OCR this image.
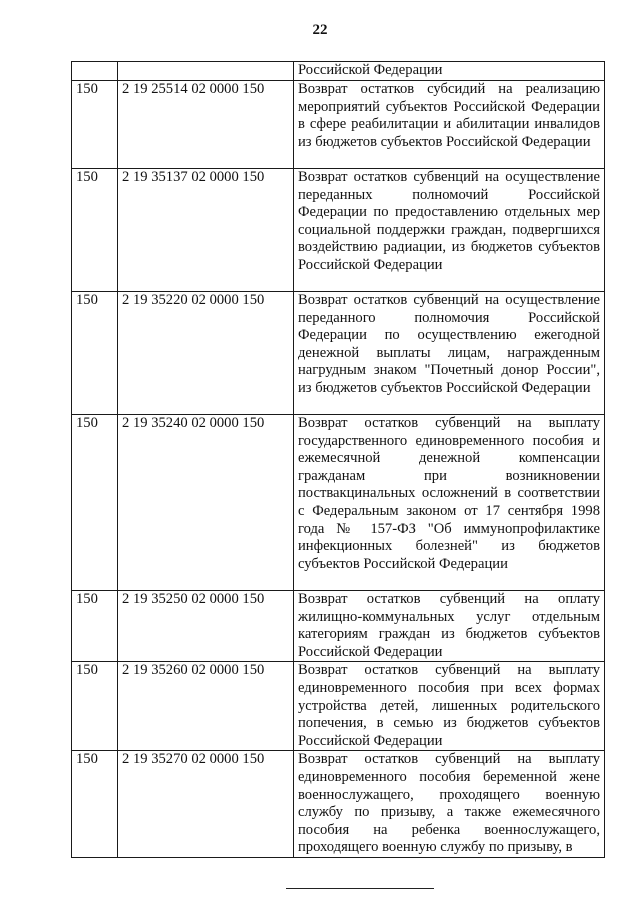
22
		Российской Федерации
150	2 19 25514 02 0000 150	Возврат остатков субсидий на реализацию мероприятий субъектов Российской Федерации в сфере реабилитации и абилитации инвалидов из бюджетов субъектов Российской Федерации
150	2 19 35137 02 0000 150	Возврат остатков субвенций на осуществление переданных полномочий Российской Федерации по предоставлению отдельных мер социальной поддержки граждан, подвергшихся воздействию радиации, из бюджетов субъектов Российской Федерации
150	2 19 35220 02 0000 150	Возврат остатков субвенций на осуществление переданного полномочия Российской Федерации по осуществлению ежегодной денежной выплаты лицам, награжденным нагрудным знаком "Почетный донор России", из бюджетов субъектов Российской Федерации
150	2 19 35240 02 0000 150	Возврат остатков субвенций на выплату государственного единовременного пособия и ежемесячной денежной компенсации гражданам при возникновении поствакцинальных осложнений в соответствии с Федеральным законом от 17 сентября 1998 года № 157-ФЗ "Об иммунопрофилактике инфекционных болезней" из бюджетов субъектов Российской Федерации
150	2 19 35250 02 0000 150	Возврат остатков субвенций на оплату жилищно-коммунальных услуг отдельным категориям граждан из бюджетов субъектов Российской Федерации
150	2 19 35260 02 0000 150	Возврат остатков субвенций на выплату единовременного пособия при всех формах устройства детей, лишенных родительского попечения, в семью из бюджетов субъектов Российской Федерации
150	2 19 35270 02 0000 150	Возврат остатков субвенций на выплату единовременного пособия беременной жене военнослужащего, проходящего военную службу по призыву, а также ежемесячного пособия на ребенка военнослужащего, проходящего военную службу по призыву, в
